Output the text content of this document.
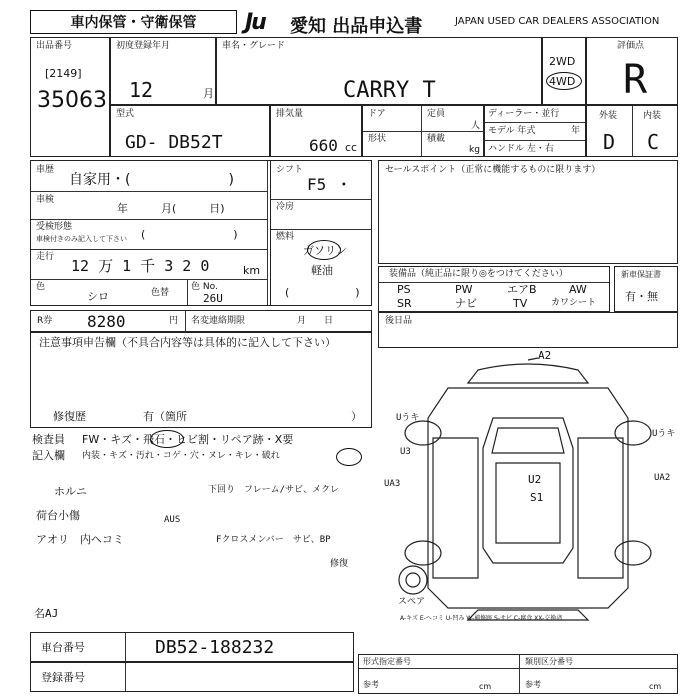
車内保管・守衛保管	Ju 愛知 出品申込書	JAPAN USED CAR DEALERS ASSOCIATION
出品番号
[2149]
35063
初度登録年月
12	月
車名・グレード
CARRY T
2WD
4WD
評価点
R
外装	内装
D C
型式
GD- DB52T
排気量
660 cc
ドア	定員
人
形状	積載
kg
ディーラー・並行
モデル 年式	年
ハンドル 左・右
車歴
自家用・(　　　　　　　)
車検
年　　　月(　　　日)
受検形態
車検付きのみ記入して下さい (　　　　　　　　)
走行 12 万 1 千 3 2 0	km
色
シロ	色替
色 No.
26U
シフト
F5 ・
冷房
燃料
ガソリン
軽油
(　　　　　　)
セールスポイント（正常に機能するものに限ります）
装備品（純正品に限り◎をつけてください）
PS	PW	エアB	AW
SR	ナビ	TV	カワシート
新車保証書
有・無
R券 8280	円 名変連絡期限	月　　日	後日品
注意事項申告欄（不具合内容等は具体的に記入して下さい）
修復歴	有（箇所	）
検査員
記入欄
FW・キズ・飛石・ヒビ割・リペア跡・X要
内装・キズ・汚れ・コゲ・穴・ヌレ・キレ・破れ
ホルニ
荷台小傷
アオリ　内ヘコミ
AUS
下回り　フレーム/サビ、メクレ
Fクロスメンバー　サビ、BP
修復
名AJ
A2
U2
S1
Uうキ
U3
UA3
Uうキ
UA2
スペア
A-キズ E-ヘコミ U-凹み W-補修跡 S-サビ C-腐食 XX-交換済
車台番号	DB52-188232
登録番号
形式指定番号
参考	cm
類別区分番号
参考	cm
